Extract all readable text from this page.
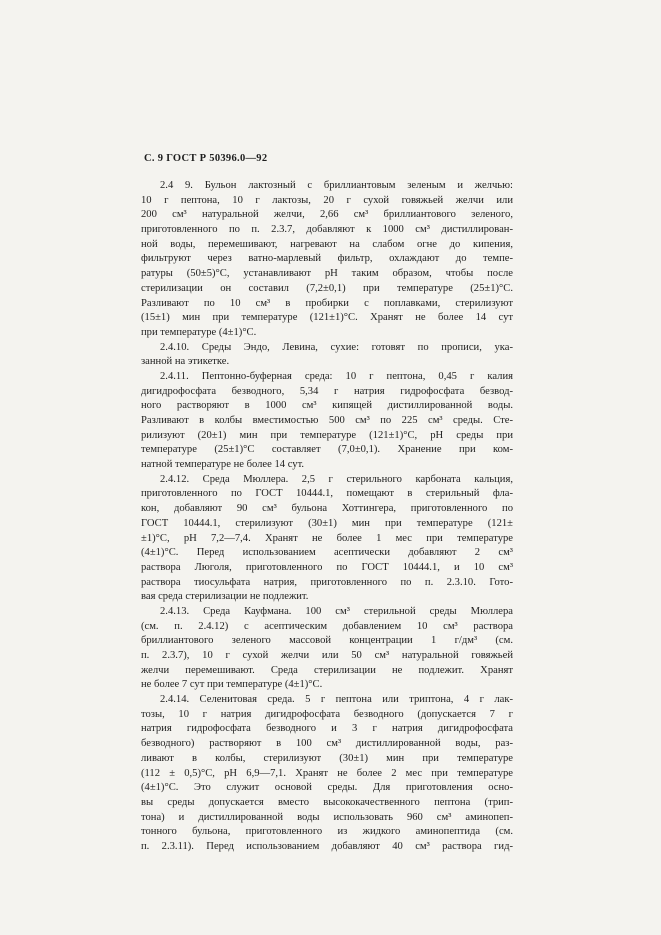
С. 9 ГОСТ Р 50396.0—92
2.4 9. Бульон лактозный с бриллиантовым зеленым и желчью:
10 г пептона, 10 г лактозы, 20 г сухой говяжьей желчи или
200 см³ натуральной желчи, 2,66 см³ бриллиантового зеленого,
приготовленного по п. 2.3.7, добавляют к 1000 см³ дистиллирован-
ной воды, перемешивают, нагревают на слабом огне до кипения,
фильтруют через ватно-марлевый фильтр, охлаждают до темпе-
ратуры (50±5)°С, устанавливают рН таким образом, чтобы после
стерилизации он составил (7,2±0,1) при температуре (25±1)°С.
Разливают по 10 см³ в пробирки с поплавками, стерилизуют
(15±1) мин при температуре (121±1)°С. Хранят не более 14 сут
при температуре (4±1)°С.
2.4.10. Среды Эндо, Левина, сухие: готовят по прописи, ука-
занной на этикетке.
2.4.11. Пептонно-буферная среда: 10 г пептона, 0,45 г калия
дигидрофосфата безводного, 5,34 г натрия гидрофосфата безвод-
ного растворяют в 1000 см³ кипящей дистиллированной воды.
Разливают в колбы вместимостью 500 см³ по 225 см³ среды. Сте-
рилизуют (20±1) мин при температуре (121±1)°С, рН среды при
температуре (25±1)°С составляет (7,0±0,1). Хранение при ком-
натной температуре не более 14 сут.
2.4.12. Среда Мюллера. 2,5 г стерильного карбоната кальция,
приготовленного по ГОСТ 10444.1, помещают в стерильный фла-
кон, добавляют 90 см³ бульона Хоттингера, приготовленного по
ГОСТ 10444.1, стерилизуют (30±1) мин при температуре (121±
±1)°С, рН 7,2—7,4. Хранят не более 1 мес при температуре
(4±1)°С. Перед использованием асептически добавляют 2 см³
раствора Люголя, приготовленного по ГОСТ 10444.1, и 10 см³
раствора тиосульфата натрия, приготовленного по п. 2.3.10. Гото-
вая среда стерилизации не подлежит.
2.4.13. Среда Кауфмана. 100 см³ стерильной среды Мюллера
(см. п. 2.4.12) с асептическим добавлением 10 см³ раствора
бриллиантового зеленого массовой концентрации 1 г/дм³ (см.
п. 2.3.7), 10 г сухой желчи или 50 см³ натуральной говяжьей
желчи перемешивают. Среда стерилизации не подлежит. Хранят
не более 7 сут при температуре (4±1)°С.
2.4.14. Селенитовая среда. 5 г пептона или триптона, 4 г лак-
тозы, 10 г натрия дигидрофосфата безводного (допускается 7 г
натрия гидрофосфата безводного и 3 г натрия дигидрофосфата
безводного) растворяют в 100 см³ дистиллированной воды, раз-
ливают в колбы, стерилизуют (30±1) мин при температуре
(112 ± 0,5)°С, рН 6,9—7,1. Хранят не более 2 мес при температуре
(4±1)°С. Это служит основой среды. Для приготовления осно-
вы среды допускается вместо высококачественного пептона (трип-
тона) и дистиллированной воды использовать 960 см³ аминопеп-
тонного бульона, приготовленного из жидкого аминопептида (см.
п. 2.3.11). Перед использованием добавляют 40 см³ раствора гид-
